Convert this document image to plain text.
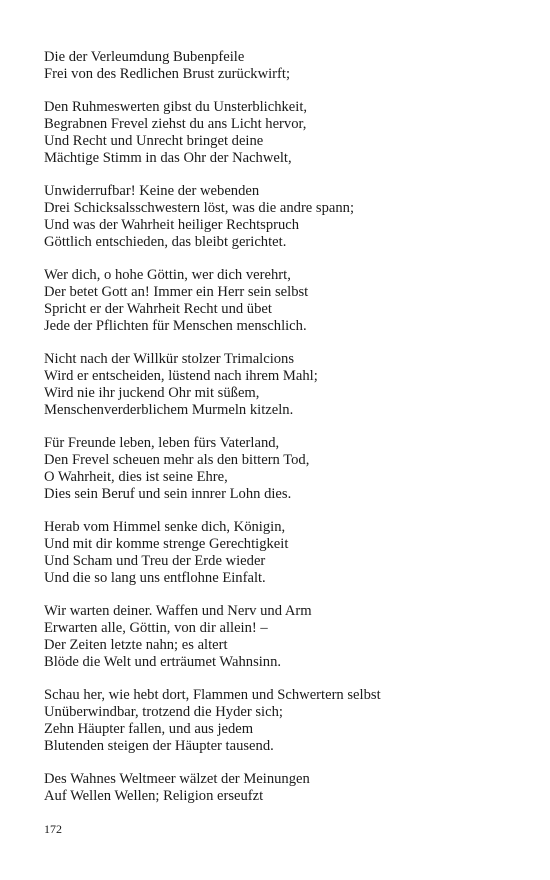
Die der Verleumdung Bubenpfeile
Frei von des Redlichen Brust zurückwirft;
Den Ruhmeswerten gibst du Unsterblichkeit,
Begrabnen Frevel ziehst du ans Licht hervor,
Und Recht und Unrecht bringet deine
Mächtige Stimm in das Ohr der Nachwelt,
Unwiderrufbar! Keine der webenden
Drei Schicksalsschwestern löst, was die andre spann;
Und was der Wahrheit heiliger Rechtspruch
Göttlich entschieden, das bleibt gerichtet.
Wer dich, o hohe Göttin, wer dich verehrt,
Der betet Gott an! Immer ein Herr sein selbst
Spricht er der Wahrheit Recht und übet
Jede der Pflichten für Menschen menschlich.
Nicht nach der Willkür stolzer Trimalcions
Wird er entscheiden, lüstend nach ihrem Mahl;
Wird nie ihr juckend Ohr mit süßem,
Menschenverderblichem Murmeln kitzeln.
Für Freunde leben, leben fürs Vaterland,
Den Frevel scheuen mehr als den bittern Tod,
O Wahrheit, dies ist seine Ehre,
Dies sein Beruf und sein innrer Lohn dies.
Herab vom Himmel senke dich, Königin,
Und mit dir komme strenge Gerechtigkeit
Und Scham und Treu der Erde wieder
Und die so lang uns entflohne Einfalt.
Wir warten deiner. Waffen und Nerv und Arm
Erwarten alle, Göttin, von dir allein! –
Der Zeiten letzte nahn; es altert
Blöde die Welt und erträumet Wahnsinn.
Schau her, wie hebt dort, Flammen und Schwertern selbst
Unüberwindbar, trotzend die Hyder sich;
Zehn Häupter fallen, und aus jedem
Blutenden steigen der Häupter tausend.
Des Wahnes Weltmeer wälzet der Meinungen
Auf Wellen Wellen; Religion erseufzt
172
